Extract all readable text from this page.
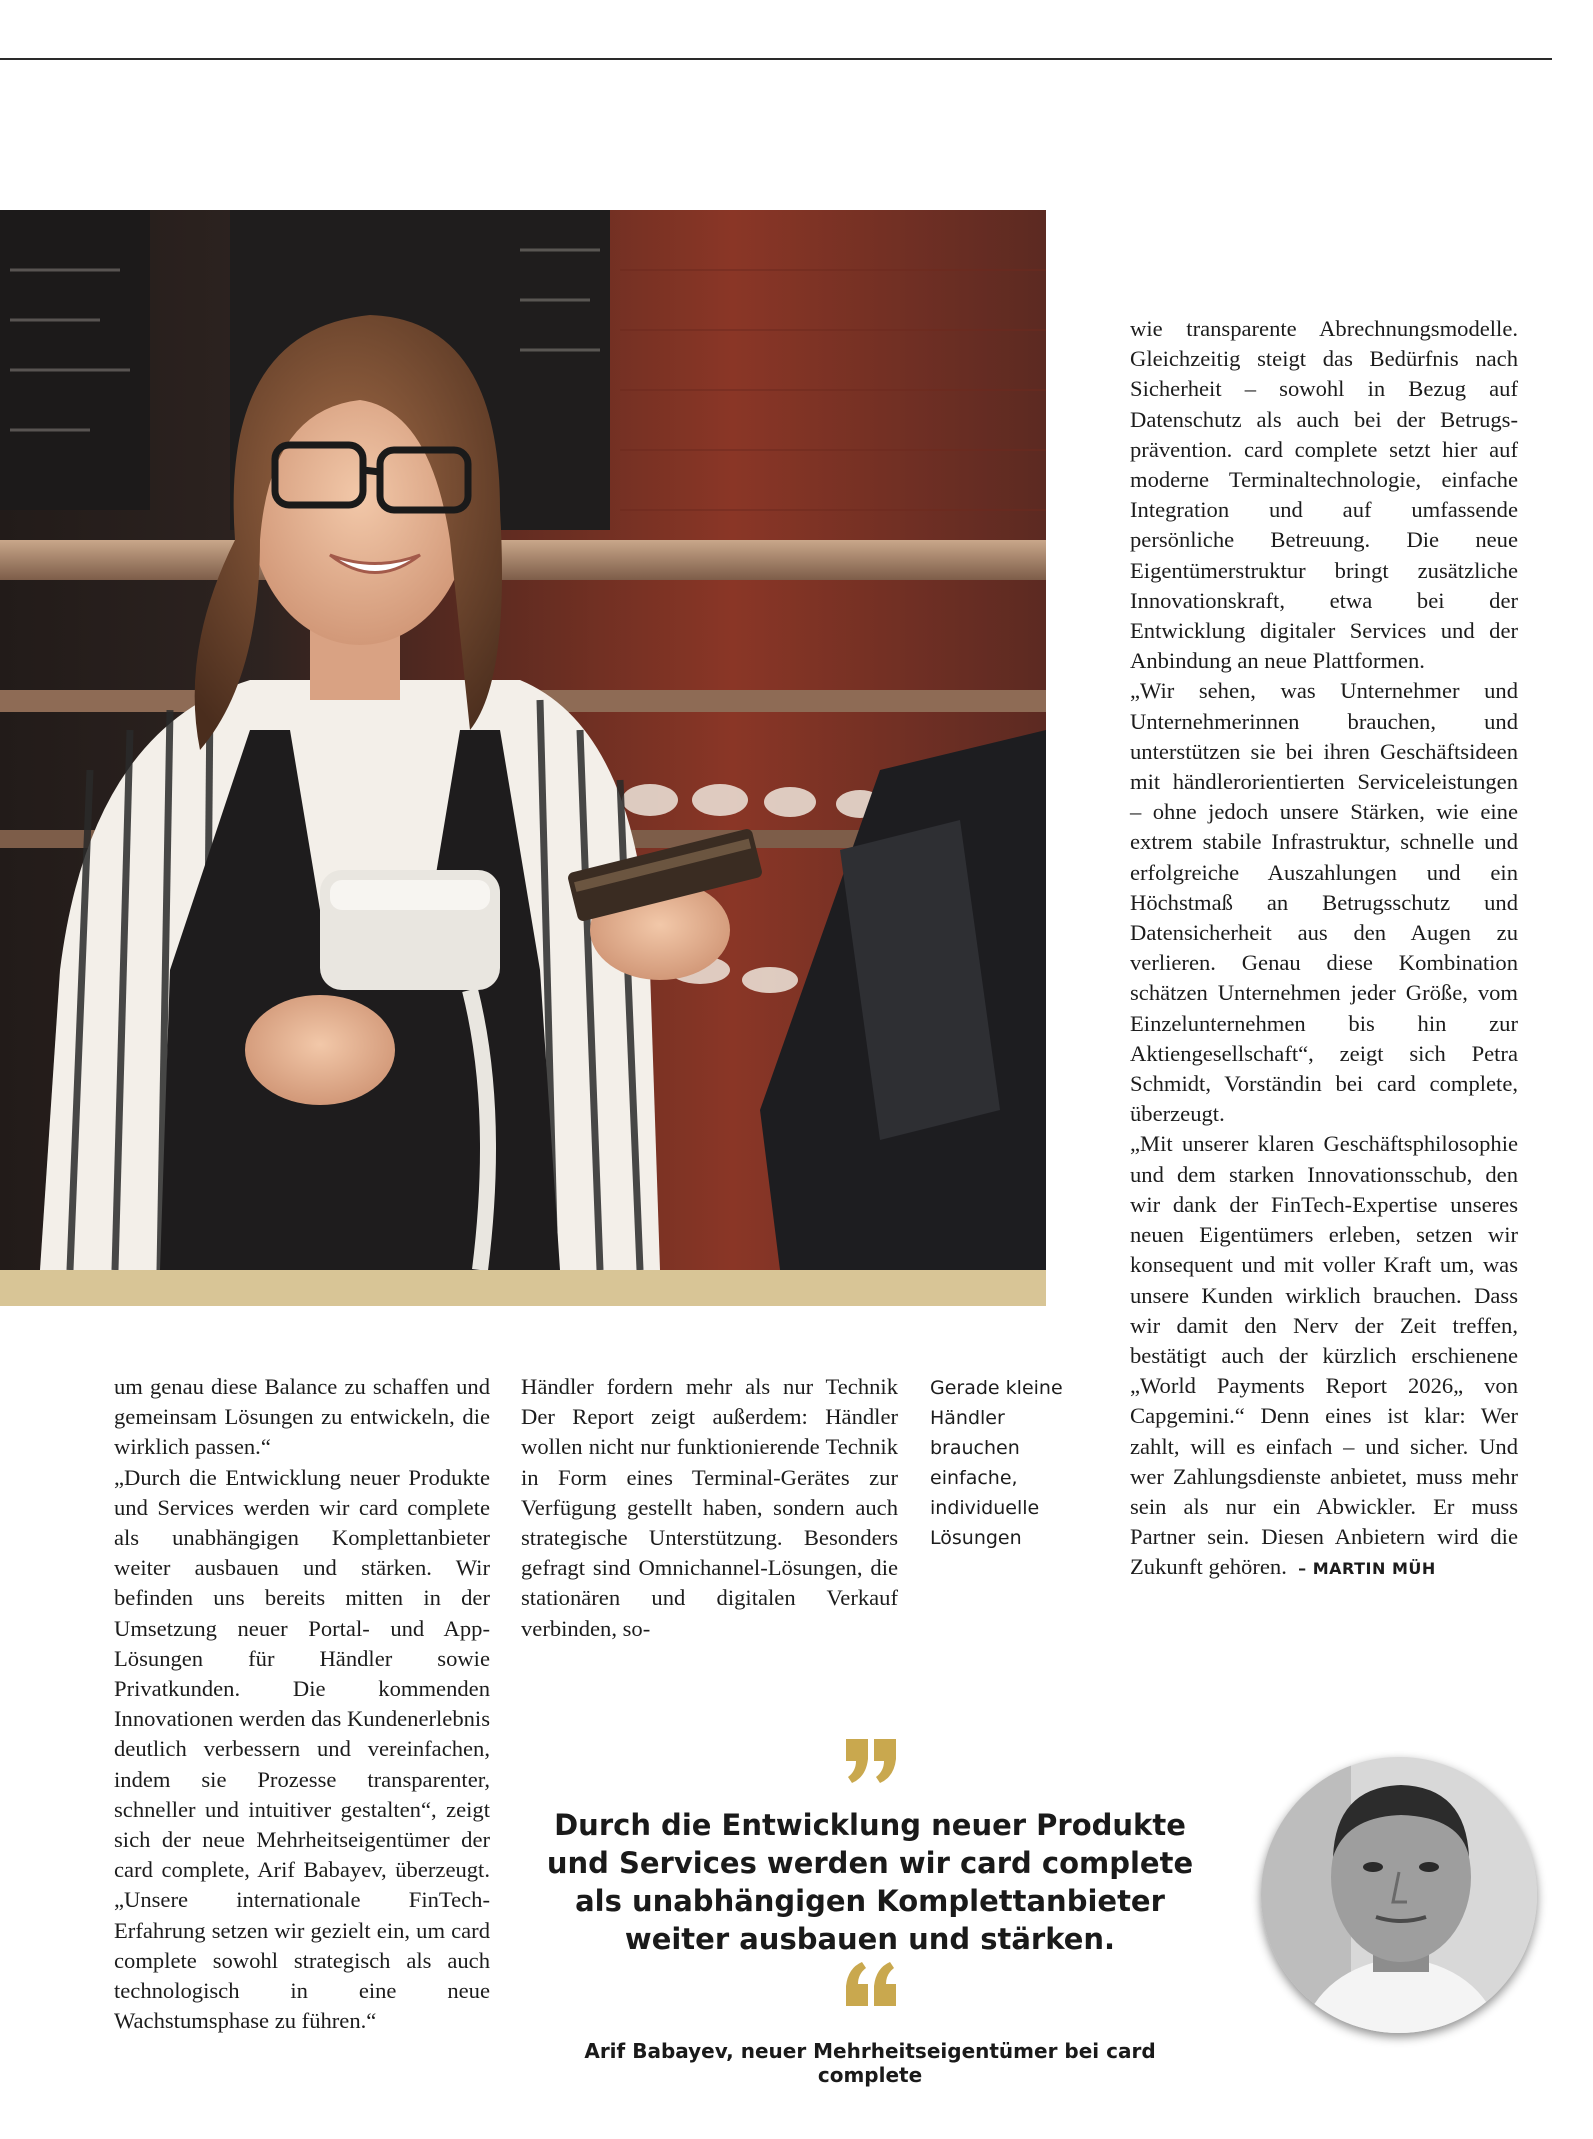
wie transparente Abrechnungsmodelle. Gleichzeitig steigt das Bedürfnis nach Sicherheit – sowohl in Bezug auf Datenschutz als auch bei der Betrugsprävention. card complete setzt hier auf moderne Terminaltechnologie, einfache Integration und auf umfassende persönliche Betreuung. Die neue Eigentümerstruktur bringt zusätzliche Innovationskraft, etwa bei der Entwicklung digitaler Services und der Anbindung an neue Plattformen.

„Wir sehen, was Unternehmer und Unternehmerinnen brauchen, und unterstützen sie bei ihren Geschäftsideen mit händlerorientierten Serviceleistungen – ohne jedoch unsere Stärken, wie eine extrem stabile Infrastruktur, schnelle und erfolgreiche Auszahlungen und ein Höchstmaß an Betrugsschutz und Datensicherheit aus den Augen zu verlieren. Genau diese Kombination schätzen Unternehmen jeder Größe, vom Einzelunternehmen bis hin zur Aktiengesellschaft“, zeigt sich Petra Schmidt, Vorständin bei card complete, überzeugt.

„Mit unserer klaren Geschäftsphilosophie und dem starken Innovationsschub, den wir dank der FinTech-Expertise unseres neuen Eigentümers erleben, setzen wir konsequent und mit voller Kraft um, was unsere Kunden wirklich brauchen. Dass wir damit den Nerv der Zeit treffen, bestätigt auch der kürzlich erschienene „World Payments Report 2026„ von Capgemini.“ Denn eines ist klar: Wer zahlt, will es einfach – und sicher. Und wer Zahlungsdienste anbietet, muss mehr sein als nur ein Abwickler. Er muss Partner sein. Diesen Anbietern wird die Zukunft gehören. – MARTIN MÜH

um genau diese Balance zu schaffen und gemeinsam Lösungen zu entwickeln, die wirklich passen.“

„Durch die Entwicklung neuer Produkte und Services werden wir card complete als unabhängigen Komplettanbieter weiter ausbauen und stärken. Wir befinden uns bereits mitten in der Umsetzung neuer Portal- und App-Lösungen für Händler sowie Privatkunden. Die kommenden Innovationen werden das Kundenerlebnis deutlich verbessern und vereinfachen, indem sie Prozesse transparenter, schneller und intuitiver gestalten“, zeigt sich der neue Mehrheitseigentümer der card complete, Arif Babayev, überzeugt. „Unsere internationale FinTech-Erfahrung setzen wir gezielt ein, um card complete sowohl strategisch als auch technologisch in eine neue Wachstumsphase zu führen.“

Händler fordern mehr als nur Technik Der Report zeigt außerdem: Händler wollen nicht nur funktionierende Technik in Form eines Terminal-Gerätes zur Verfügung gestellt haben, sondern auch strategische Unterstützung. Besonders gefragt sind Omnichannel-Lösungen, die stationären und digitalen Verkauf verbinden, so-

Gerade kleine Händler brauchen einfache, individuelle Lösungen
Durch die Entwicklung neuer Produkte und Services werden wir card complete als unabhängigen Komplettanbieter weiter ausbauen und stärken.
Arif Babayev, neuer Mehrheitseigentümer bei card complete
